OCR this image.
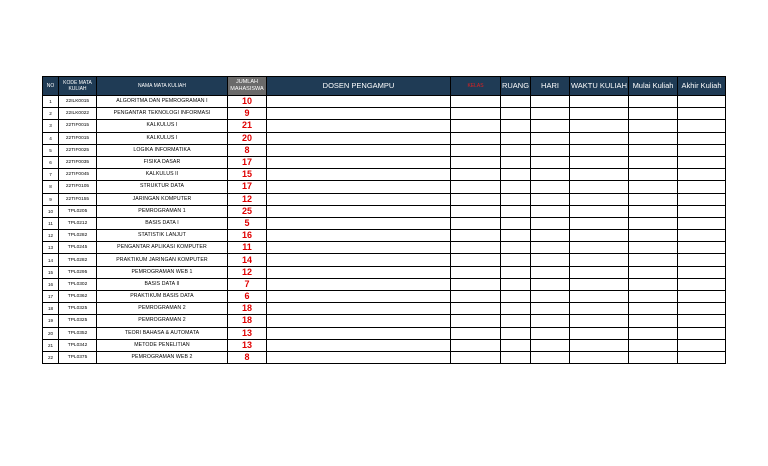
NO	KODE MATA KULIAH	NAMA MATA KULIAH	JUMLAH MAHASISWA	DOSEN PENGAMPU	KELAS	RUANG	HARI	WAKTU KULIAH	Mulai Kuliah	Akhir Kuliah
1	22ILK0015	ALGORITMA DAN PEMROGRAMAN I	10							
2	22ILK0022	PENGANTAR TEKNOLOGI INFORMASI	9							
3	22TIF0015	KALKULUS I	21							
4	22TIF0015	KALKULUS I	20							
5	22TIF0025	LOGIKA INFORMATIKA	8							
6	22TIF0035	FISIKA DASAR	17							
7	22TIF0045	KALKULUS II	15							
8	22TIF0105	STRUKTUR DATA	17							
9	22TIF0155	JARINGAN KOMPUTER	12							
10	TPL0205	PEMROGRAMAN 1	25							
11	TPL0212	BASIS DATA I	5							
12	TPL0282	STATISTIK LANJUT	16							
13	TPL0245	PENGANTAR APLIKASI KOMPUTER	11							
14	TPL0282	PRAKTIKUM JARINGAN KOMPUTER	14							
15	TPL0295	PEMROGRAMAN WEB 1	12							
16	TPL0302	BASIS DATA II	7							
17	TPL0362	PRAKTIKUM BASIS DATA	6							
18	TPL0325	PEMROGRAMAN 2	18							
19	TPL0325	PEMROGRAMAN 2	18							
20	TPL0352	TEORI BAHASA & AUTOMATA	13							
21	TPL0342	METODE PENELITIAN	13							
22	TPL0375	PEMROGRAMAN WEB 2	8							
